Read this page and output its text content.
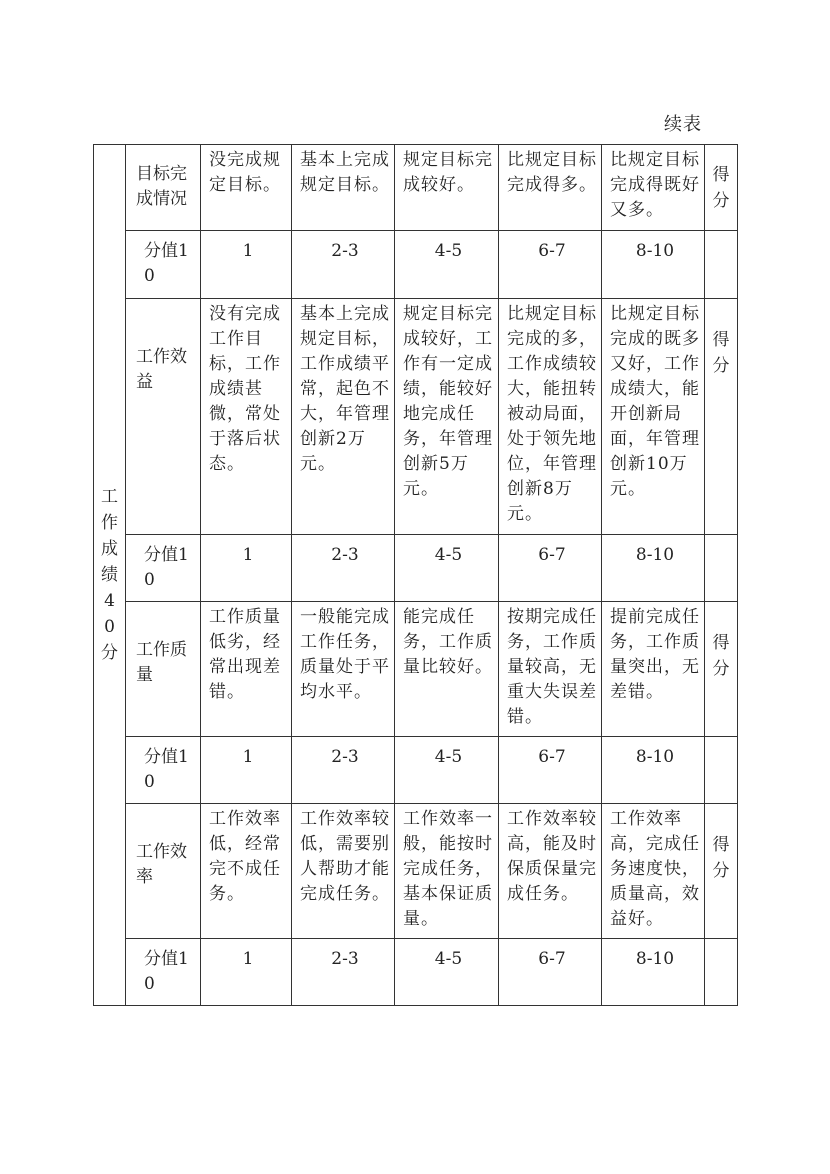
续表
工作成绩40分	目标完成情况	没完成规定目标。	基本上完成规定目标。	规定目标完成较好。	比规定目标完成得多。	比规定目标完成得既好又多。	得分
	分值10	1	2-3	4-5	6-7	8-10	
	工作效益	没有完成工作目标，工作成绩甚微，常处于落后状态。	基本上完成规定目标，工作成绩平常，起色不大，年管理创新2万元。	规定目标完成较好，工作有一定成绩，能较好地完成任务，年管理创新5万元。	比规定目标完成的多，工作成绩较大，能扭转被动局面，处于领先地位，年管理创新8万元。	比规定目标完成的既多又好，工作成绩大，能开创新局面，年管理创新10万元。	得分
	分值10	1	2-3	4-5	6-7	8-10	
	工作质量	工作质量低劣，经常出现差错。	一般能完成工作任务，质量处于平均水平。	能完成任务，工作质量比较好。	按期完成任务，工作质量较高，无重大失误差错。	提前完成任务，工作质量突出，无差错。	得分
	分值10	1	2-3	4-5	6-7	8-10	
	工作效率	工作效率低，经常完不成任务。	工作效率较低，需要别人帮助才能完成任务。	工作效率一般，能按时完成任务，基本保证质量。	工作效率较高，能及时保质保量完成任务。	工作效率高，完成任务速度快，质量高，效益好。	得分
	分值10	1	2-3	4-5	6-7	8-10	
